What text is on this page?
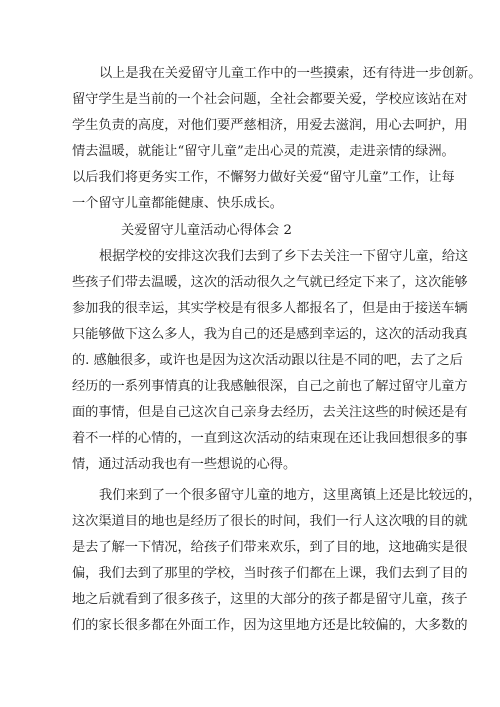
以上是我在关爱留守儿童工作中的一些摸索，还有待进一步创新。
留守学生是当前的一个社会问题，全社会都要关爱，学校应该站在对
学生负责的高度，对他们要严慈相济，用爱去滋润，用心去呵护，用
情去温暖，就能让“留守儿童”走出心灵的荒漠，走进亲情的绿洲。
以后我们将更务实工作，不懈努力做好关爱“留守儿童”工作，让每
一个留守儿童都能健康、快乐成长。
关爱留守儿童活动心得体会 2
根据学校的安排这次我们去到了乡下去关注一下留守儿童，给这
些孩子们带去温暖，这次的活动很久之气就已经定下来了，这次能够
参加我的很幸运，其实学校是有很多人都报名了，但是由于接送车辆
只能够做下这么多人，我为自己的还是感到幸运的，这次的活动我真
的. 感触很多，或许也是因为这次活动跟以往是不同的吧，去了之后
经历的一系列事情真的让我感触很深，自己之前也了解过留守儿童方
面的事情，但是自己这次自己亲身去经历，去关注这些的时候还是有
着不一样的心情的，一直到这次活动的结束现在还让我回想很多的事
情，通过活动我也有一些想说的心得。
我们来到了一个很多留守儿童的地方，这里离镇上还是比较远的，
这次渠道目的地也是经历了很长的时间，我们一行人这次哦的目的就
是去了解一下情况，给孩子们带来欢乐，到了目的地，这地确实是很
偏，我们去到了那里的学校，当时孩子们都在上课，我们去到了目的
地之后就看到了很多孩子，这里的大部分的孩子都是留守儿童，孩子
们的家长很多都在外面工作，因为这里地方还是比较偏的，大多数的
